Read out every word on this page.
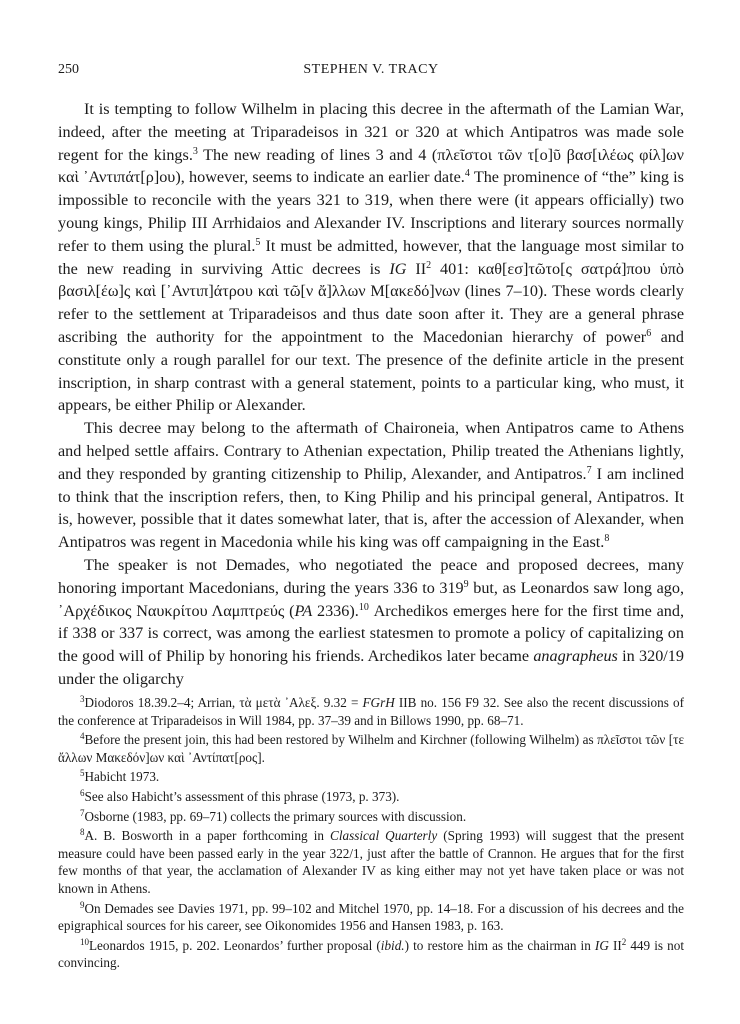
250	STEPHEN V. TRACY

It is tempting to follow Wilhelm in placing this decree in the aftermath of the Lamian War, indeed, after the meeting at Triparadeisos in 321 or 320 at which Antipatros was made sole regent for the kings.$^3$ The new reading of lines 3 and 4 (πλεῖστοι τῶν τ[ο]ῦ βασ[ιλέως φίλ]ων καὶ ᾽Αντιπάτ[ρ]ου), however, seems to indicate an earlier date.$^4$ The prominence of “the” king is impossible to reconcile with the years 321 to 319, when there were (it appears officially) two young kings, Philip III Arrhidaios and Alexander IV. Inscriptions and literary sources normally refer to them using the plural.$^5$ It must be admitted, however, that the language most similar to the new reading in surviving Attic decrees is IG $II^2$ 401: καθ[εσ]τῶτο[ς σατρά]που ὑπὸ βασιλ[έω]ς καὶ [᾽Αντιπ]άτρου καὶ τῶ[ν ἄ]λλων Μ[ακεδό]νων (lines 7–10). These words clearly refer to the settlement at Triparadeisos and thus date soon after it. They are a general phrase ascribing the authority for the appointment to the Macedonian hierarchy of power$^6$ and constitute only a rough parallel for our text. The presence of the definite article in the present inscription, in sharp contrast with a general statement, points to a particular king, who must, it appears, be either Philip or Alexander.

This decree may belong to the aftermath of Chaironeia, when Antipatros came to Athens and helped settle affairs. Contrary to Athenian expectation, Philip treated the Athenians lightly, and they responded by granting citizenship to Philip, Alexander, and Antipatros.$^7$ I am inclined to think that the inscription refers, then, to King Philip and his principal general, Antipatros. It is, however, possible that it dates somewhat later, that is, after the accession of Alexander, when Antipatros was regent in Macedonia while his king was off campaigning in the East.$^8$

The speaker is not Demades, who negotiated the peace and proposed decrees, many honoring important Macedonians, during the years 336 to $319^9$ but, as Leonardos saw long ago, ᾽Αρχέδικος Ναυκρίτου Λαμπτρεύς (PA 2336).$^{10}$ Archedikos emerges here for the first time and, if 338 or 337 is correct, was among the earliest statesmen to promote a policy of capitalizing on the good will of Philip by honoring his friends. Archedikos later became anagrapheus in 320/19 under the oligarchy

$^3$Diodoros 18.39.2–4; Arrian, τὰ μετὰ ᾽Αλεξ. 9.32 = FGrH IIB no. 156 F9 32. See also the recent discussions of the conference at Triparadeisos in Will 1984, pp. 37–39 and in Billows 1990, pp. 68–71.

$^4$Before the present join, this had been restored by Wilhelm and Kirchner (following Wilhelm) as πλεῖστοι τῶν [τε ἄλλων Μακεδόν]ων καὶ ᾽Αντίπατ[ρος].

$^5$Habicht 1973.

$^6$See also Habicht’s assessment of this phrase (1973, p. 373).

$^7$Osborne (1983, pp. 69–71) collects the primary sources with discussion.

$^8$A. B. Bosworth in a paper forthcoming in Classical Quarterly (Spring 1993) will suggest that the present measure could have been passed early in the year 322/1, just after the battle of Crannon. He argues that for the first few months of that year, the acclamation of Alexander IV as king either may not yet have taken place or was not known in Athens.

$^9$On Demades see Davies 1971, pp. 99–102 and Mitchel 1970, pp. 14–18. For a discussion of his decrees and the epigraphical sources for his career, see Oikonomides 1956 and Hansen 1983, p. 163.

$^{10}$Leonardos 1915, p. 202. Leonardos’ further proposal (ibid.) to restore him as the chairman in IG $II^2$ 449 is not convincing.
